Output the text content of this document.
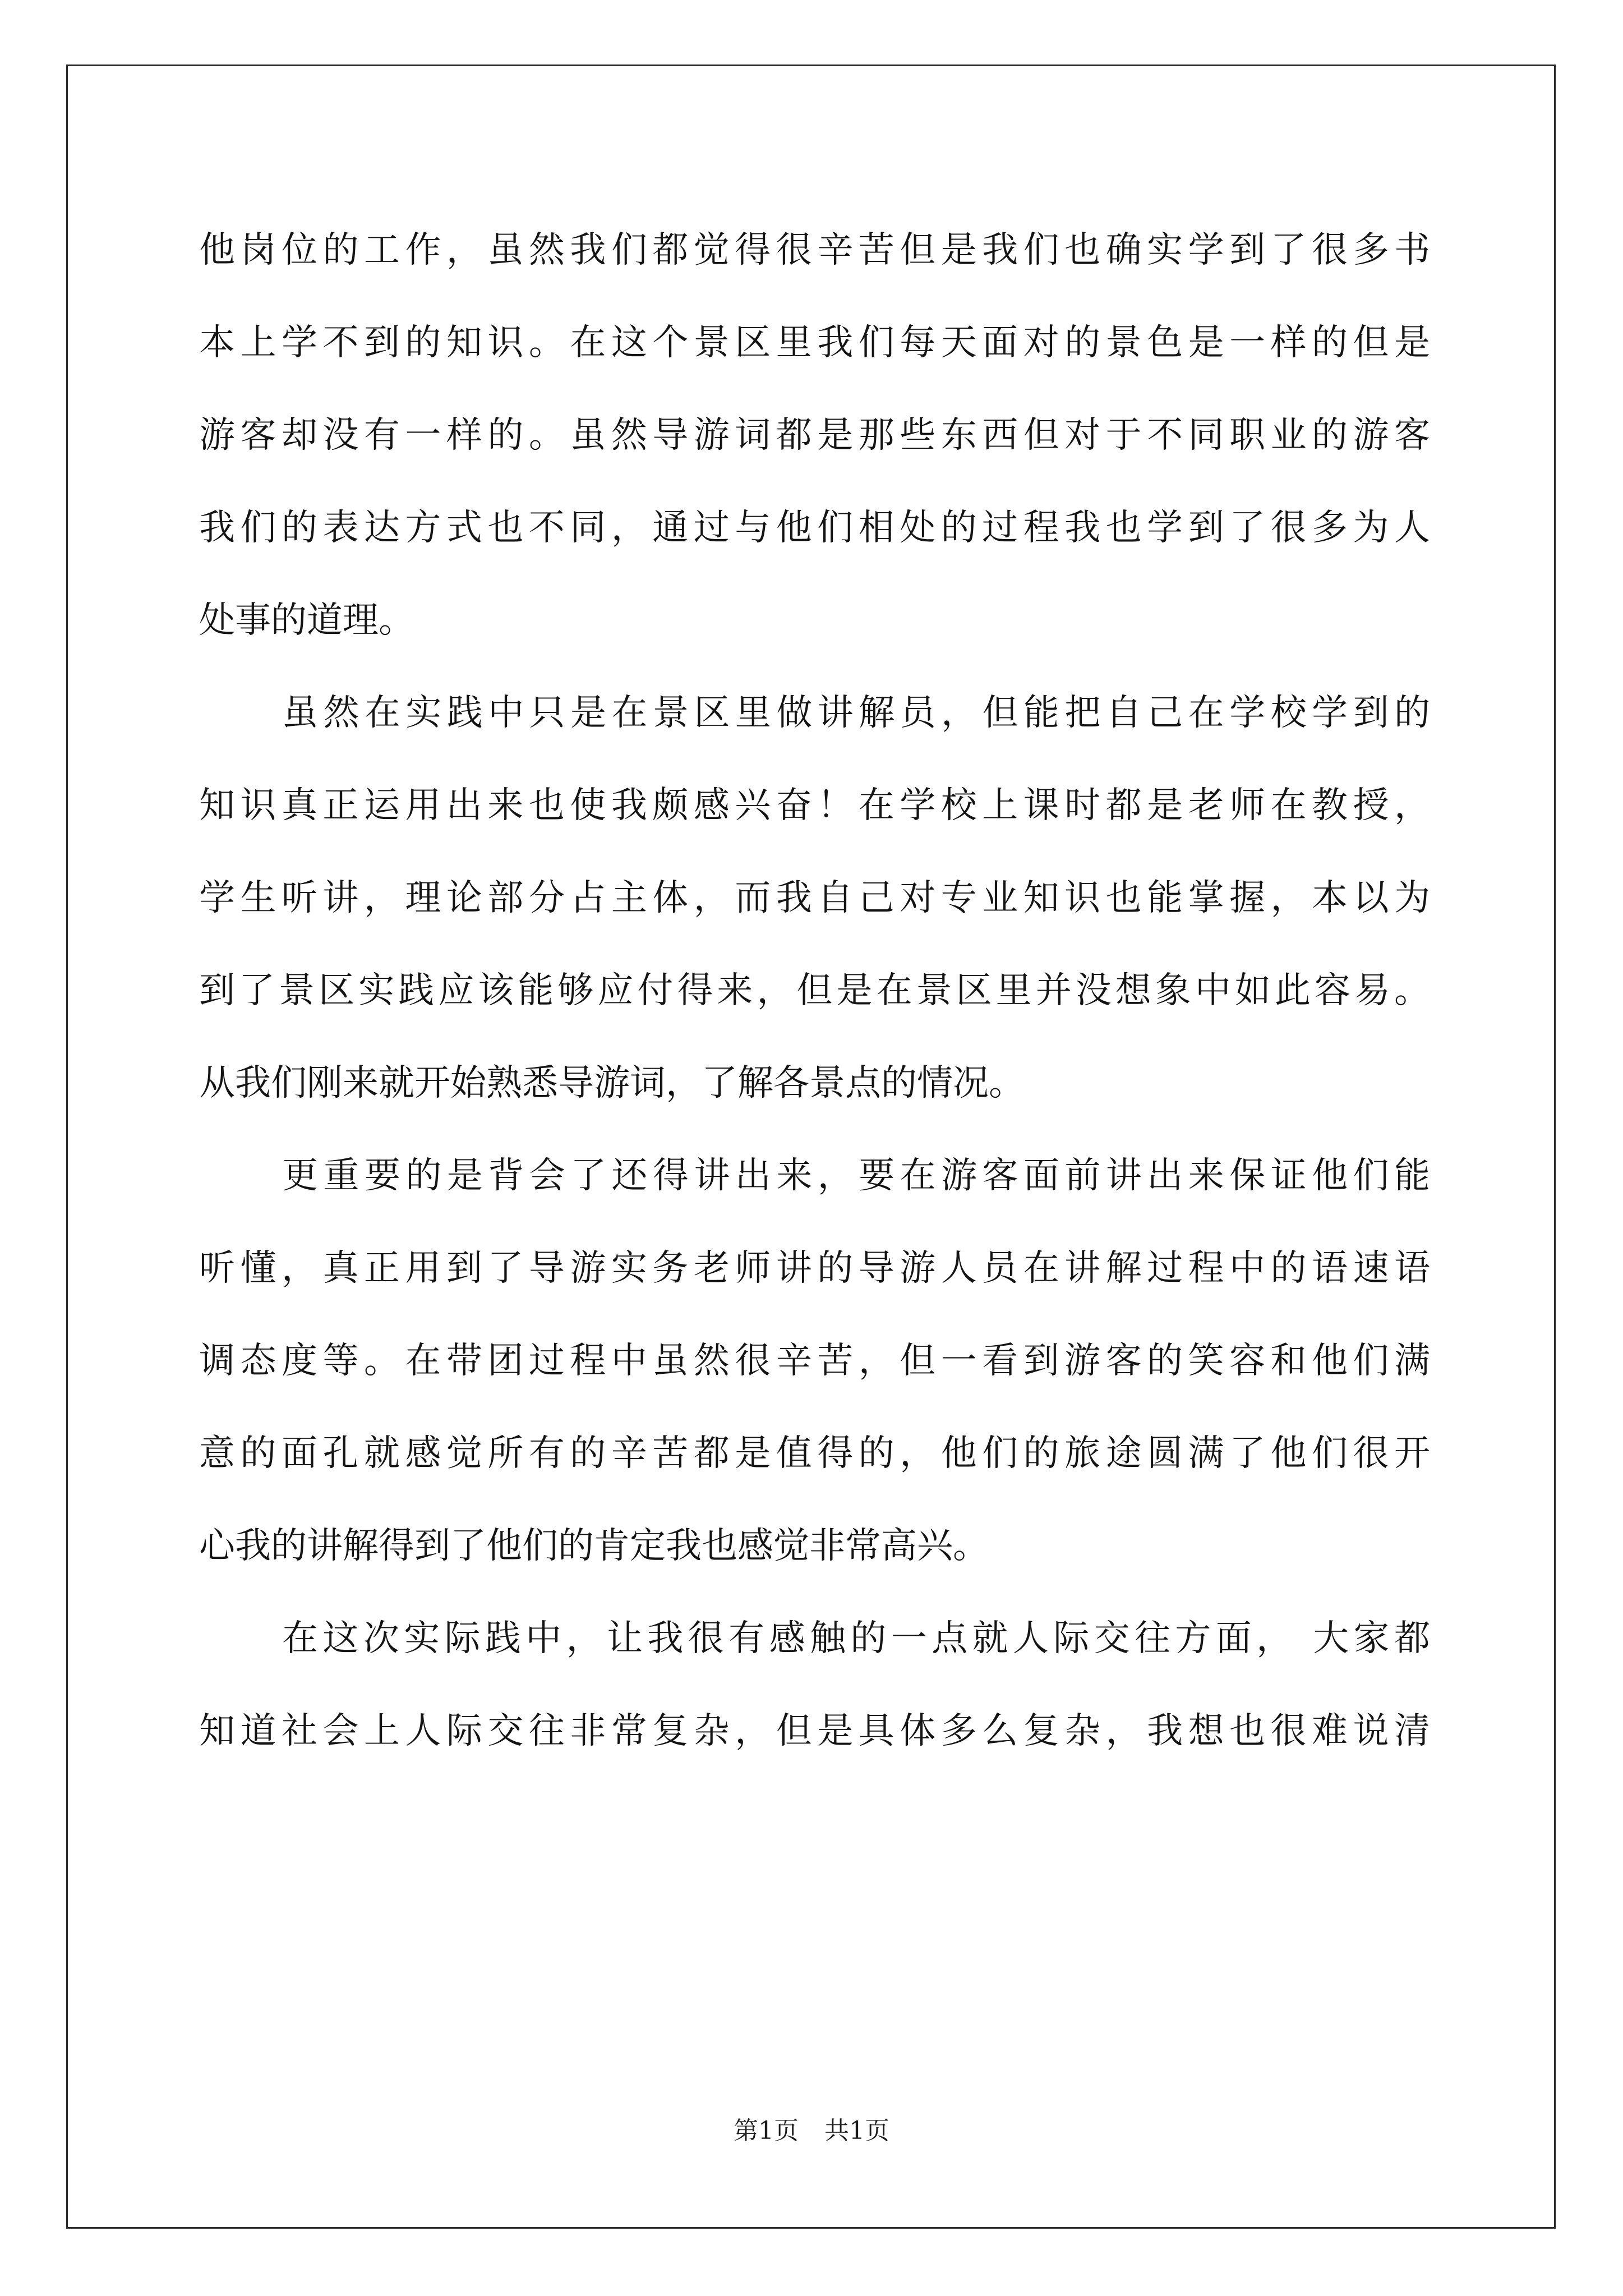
他岗位的工作，虽然我们都觉得很辛苦但是我们也确实学到了很多书
本上学不到的知识。在这个景区里我们每天面对的景色是一样的但是
游客却没有一样的。虽然导游词都是那些东西但对于不同职业的游客
我们的表达方式也不同，通过与他们相处的过程我也学到了很多为人
处事的道理。
虽然在实践中只是在景区里做讲解员，但能把自己在学校学到的
知识真正运用出来也使我颇感兴奋！在学校上课时都是老师在教授，
学生听讲，理论部分占主体，而我自己对专业知识也能掌握，本以为
到了景区实践应该能够应付得来，但是在景区里并没想象中如此容易。
从我们刚来就开始熟悉导游词，了解各景点的情况。
更重要的是背会了还得讲出来，要在游客面前讲出来保证他们能
听懂，真正用到了导游实务老师讲的导游人员在讲解过程中的语速语
调态度等。在带团过程中虽然很辛苦，但一看到游客的笑容和他们满
意的面孔就感觉所有的辛苦都是值得的，他们的旅途圆满了他们很开
心我的讲解得到了他们的肯定我也感觉非常高兴。
在这次实际践中，让我很有感触的一点就人际交往方面， 大家都
知道社会上人际交往非常复杂，但是具体多么复杂，我想也很难说清
第1页 共1页
